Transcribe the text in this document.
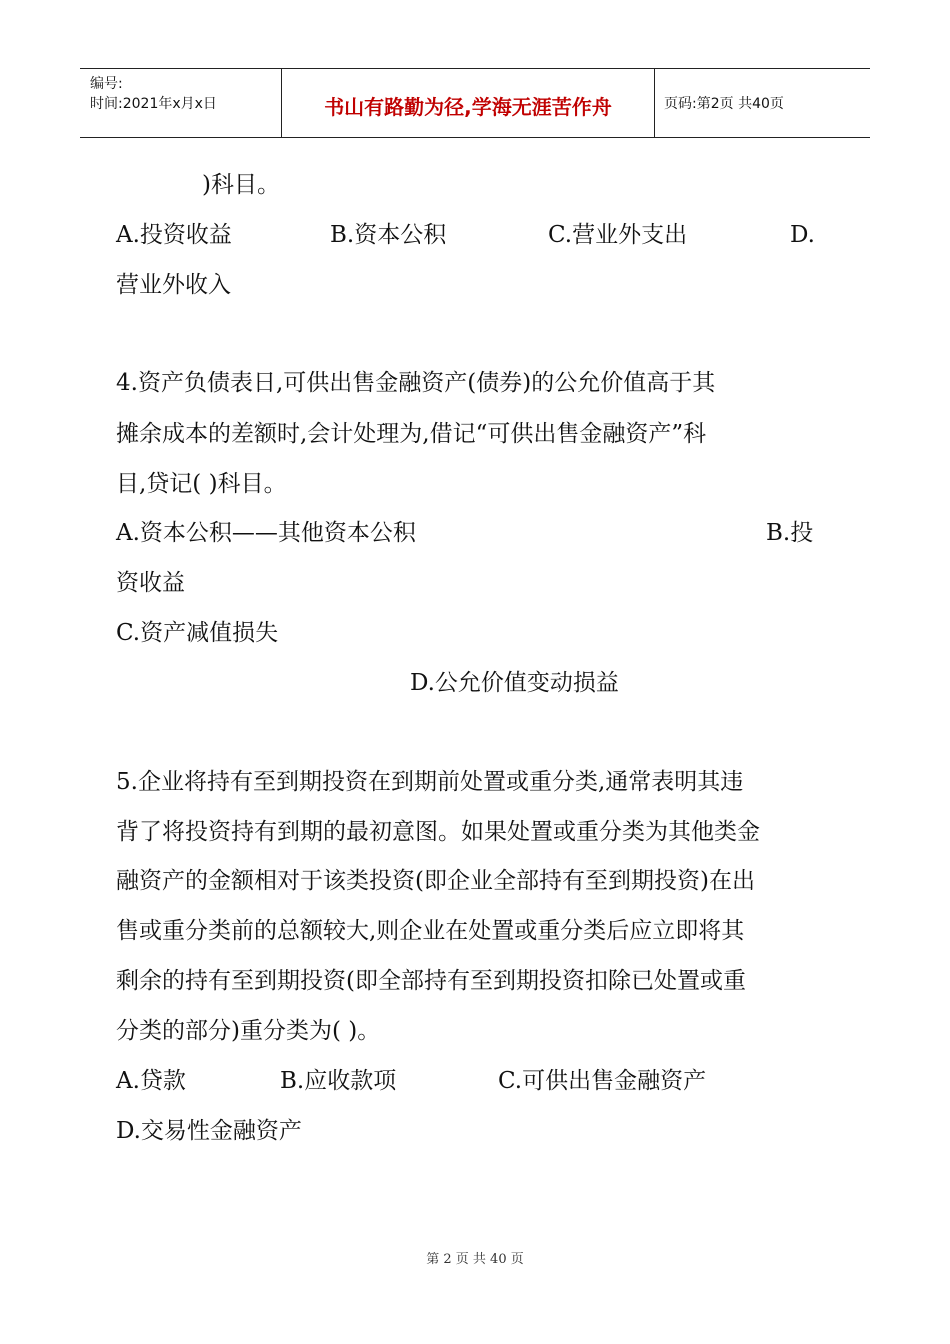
编号:
时间:2021年x月x日	书山有路勤为径,学海无涯苦作舟	页码:第2页 共40页
)科目。
A.投资收益	B.资本公积	C.营业外支出	D.
营业外收入
4.资产负债表日,可供出售金融资产(债券)的公允价值高于其
摊余成本的差额时,会计处理为,借记“可供出售金融资产”科
目,贷记( )科目。
A.资本公积——其他资本公积	B.投
资收益
C.资产减值损失
D.公允价值变动损益
5.企业将持有至到期投资在到期前处置或重分类,通常表明其违
背了将投资持有到期的最初意图。如果处置或重分类为其他类金
融资产的金额相对于该类投资(即企业全部持有至到期投资)在出
售或重分类前的总额较大,则企业在处置或重分类后应立即将其
剩余的持有至到期投资(即全部持有至到期投资扣除已处置或重
分类的部分)重分类为( )。
A.贷款	B.应收款项	C.可供出售金融资产
D.交易性金融资产
第 2 页 共 40 页
